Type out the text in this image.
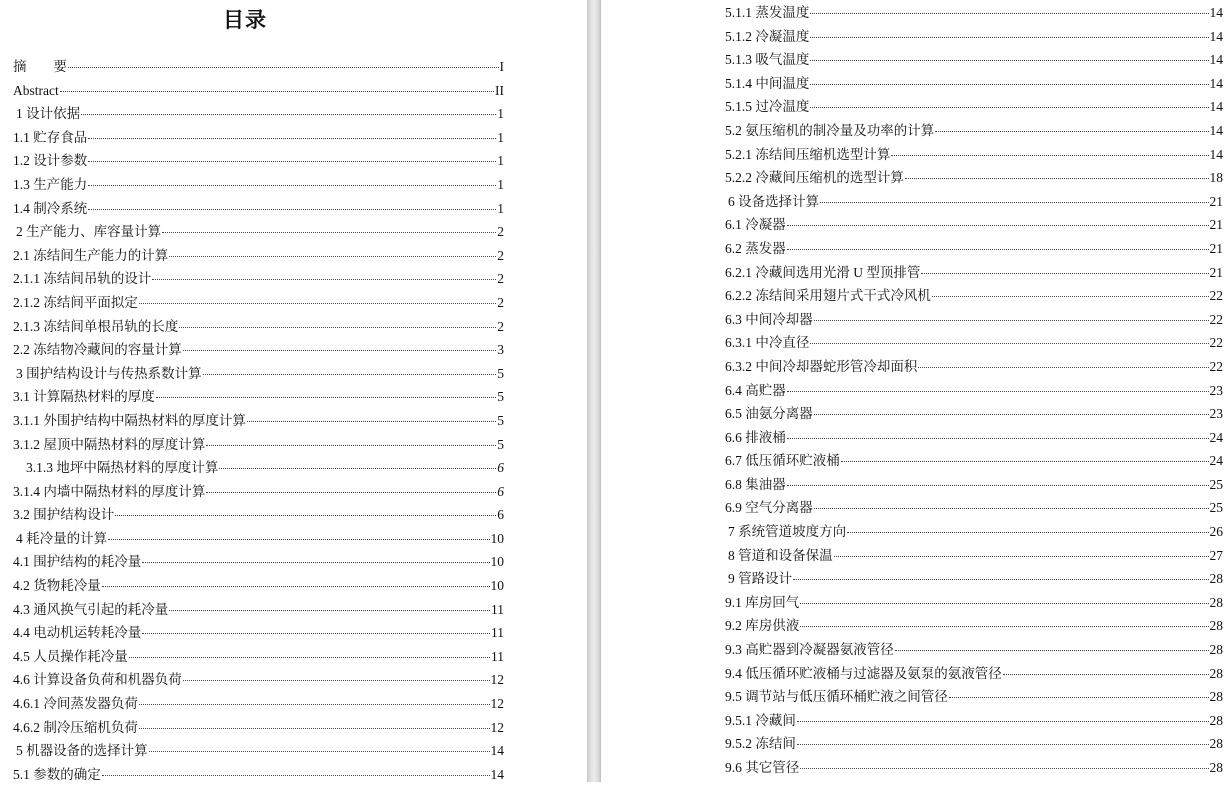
目录
摘　　要	I
Abstract	II
1 设计依据	1
1.1 贮存食品	1
1.2 设计参数	1
1.3 生产能力	1
1.4 制冷系统	1
2 生产能力、库容量计算	2
2.1 冻结间生产能力的计算	2
2.1.1 冻结间吊轨的设计	2
2.1.2 冻结间平面拟定	2
2.1.3 冻结间单根吊轨的长度	2
2.2 冻结物冷藏间的容量计算	3
3 围护结构设计与传热系数计算	5
3.1 计算隔热材料的厚度	5
3.1.1 外围护结构中隔热材料的厚度计算	5
3.1.2 屋顶中隔热材料的厚度计算	5
3.1.3 地坪中隔热材料的厚度计算	6
3.1.4 内墙中隔热材料的厚度计算	6
3.2 围护结构设计	6
4 耗冷量的计算	10
4.1 围护结构的耗冷量	10
4.2 货物耗冷量	10
4.3 通风换气引起的耗冷量	11
4.4 电动机运转耗冷量	11
4.5 人员操作耗冷量	11
4.6 计算设备负荷和机器负荷	12
4.6.1 冷间蒸发器负荷	12
4.6.2 制冷压缩机负荷	12
5 机器设备的选择计算	14
5.1 参数的确定	14
5.1.1 蒸发温度	14
5.1.2 冷凝温度	14
5.1.3 吸气温度	14
5.1.4 中间温度	14
5.1.5 过冷温度	14
5.2 氨压缩机的制冷量及功率的计算	14
5.2.1 冻结间压缩机选型计算	14
5.2.2 冷藏间压缩机的选型计算	18
6 设备选择计算	21
6.1 冷凝器	21
6.2 蒸发器	21
6.2.1 冷藏间选用光滑 U 型顶排管	21
6.2.2 冻结间采用翅片式干式冷风机	22
6.3 中间冷却器	22
6.3.1 中冷直径	22
6.3.2 中间冷却器蛇形管冷却面积	22
6.4 高贮器	23
6.5 油氨分离器	23
6.6 排液桶	24
6.7 低压循环贮液桶	24
6.8 集油器	25
6.9 空气分离器	25
7 系统管道坡度方向	26
8 管道和设备保温	27
9 管路设计	28
9.1 库房回气	28
9.2 库房供液	28
9.3 高贮器到冷凝器氨液管径	28
9.4 低压循环贮液桶与过滤器及氨泵的氨液管径	28
9.5 调节站与低压循环桶贮液之间管径	28
9.5.1 冷藏间	28
9.5.2 冻结间	28
9.6 其它管径	28
